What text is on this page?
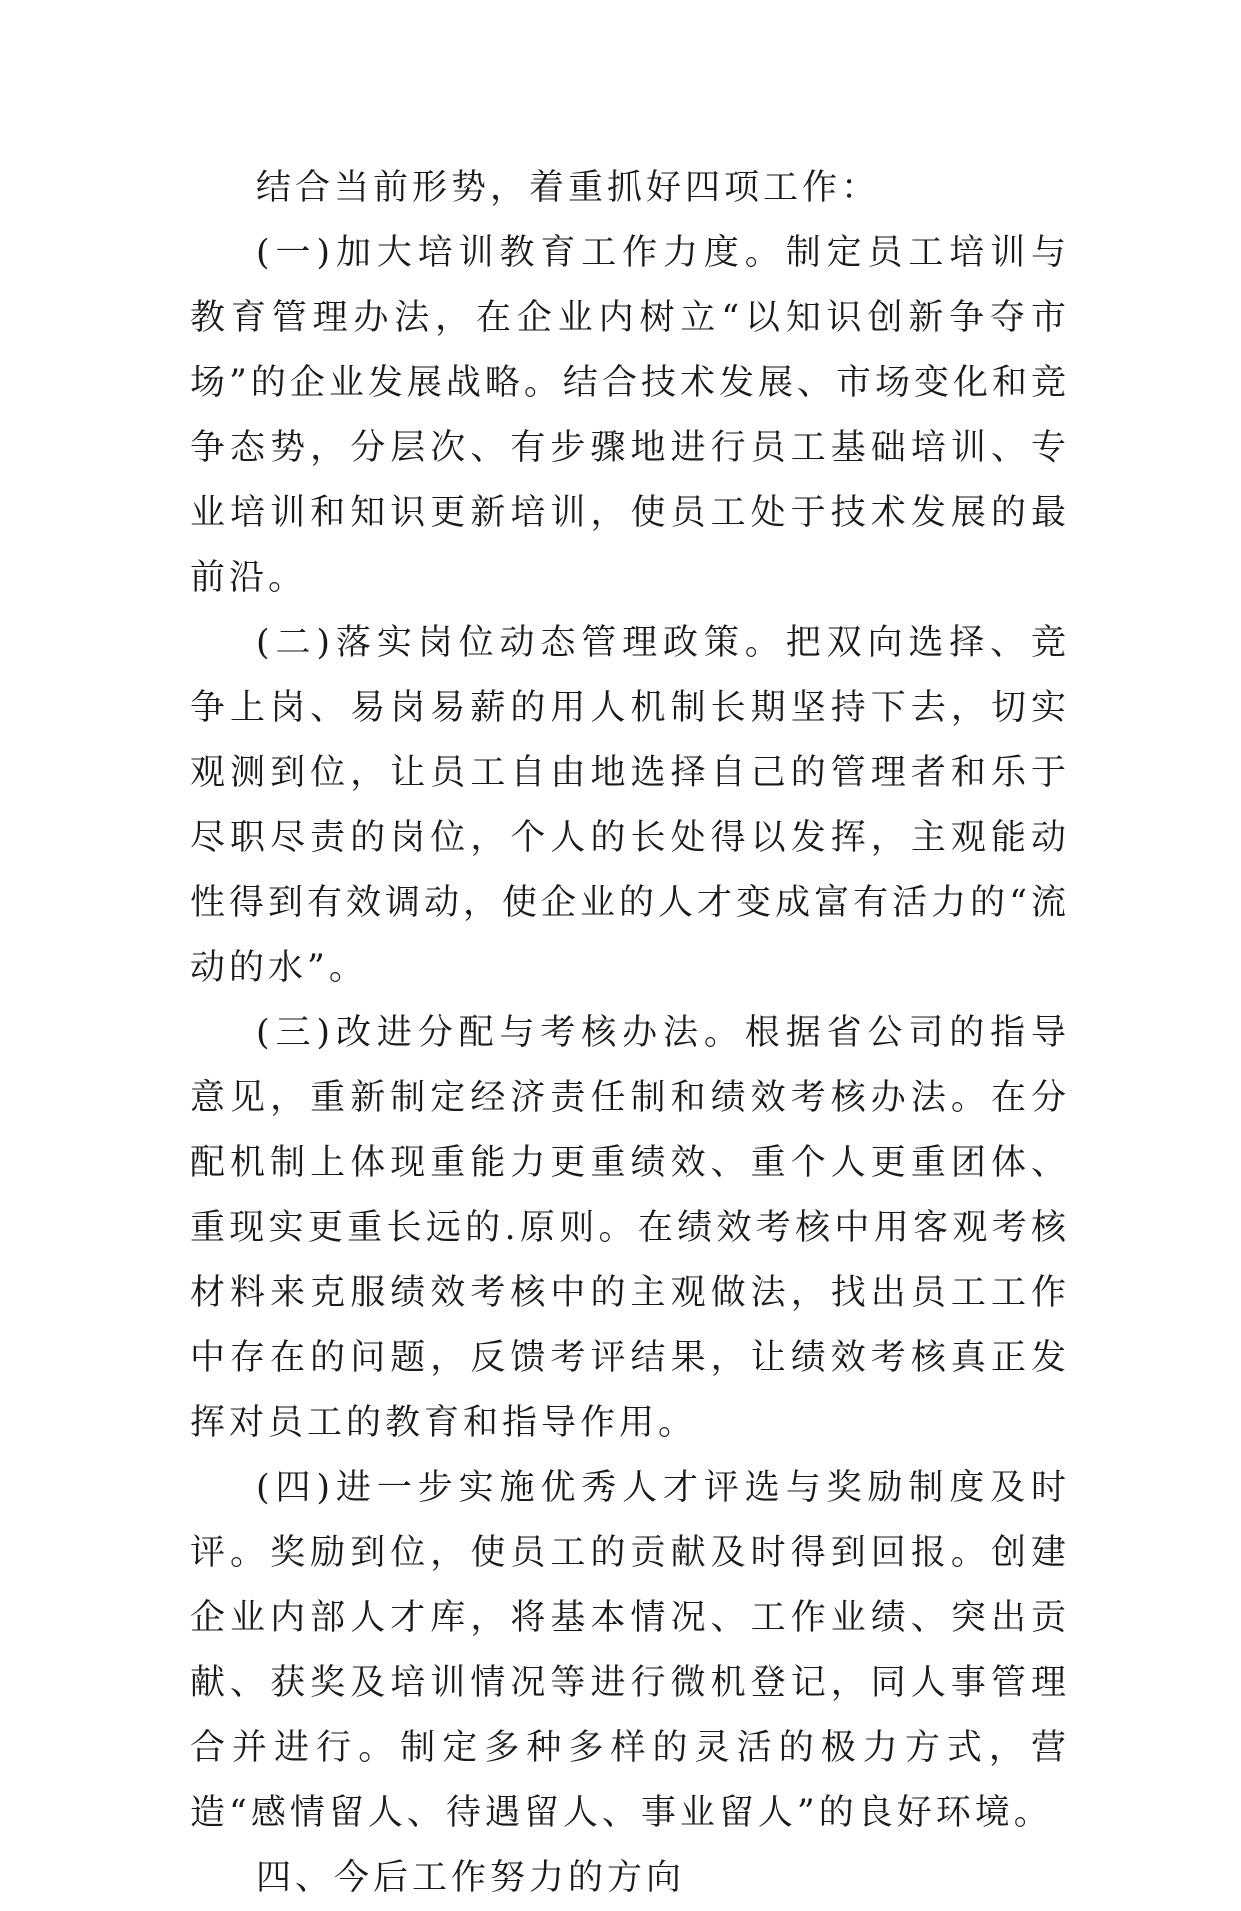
结合当前形势，着重抓好四项工作：

(一)加大培训教育工作力度。制定员工培训与教育管理办法，在企业内树立“以知识创新争夺市场”的企业发展战略。结合技术发展、市场变化和竞争态势，分层次、有步骤地进行员工基础培训、专业培训和知识更新培训，使员工处于技术发展的最前沿。

(二)落实岗位动态管理政策。把双向选择、竞争上岗、易岗易薪的用人机制长期坚持下去，切实观测到位，让员工自由地选择自己的管理者和乐于尽职尽责的岗位，个人的长处得以发挥，主观能动性得到有效调动，使企业的人才变成富有活力的“流动的水”。

(三)改进分配与考核办法。根据省公司的指导意见，重新制定经济责任制和绩效考核办法。在分配机制上体现重能力更重绩效、重个人更重团体、重现实更重长远的.原则。在绩效考核中用客观考核材料来克服绩效考核中的主观做法，找出员工工作中存在的问题，反馈考评结果，让绩效考核真正发挥对员工的教育和指导作用。

(四)进一步实施优秀人才评选与奖励制度及时评。奖励到位，使员工的贡献及时得到回报。创建企业内部人才库，将基本情况、工作业绩、突出贡献、获奖及培训情况等进行微机登记，同人事管理合并进行。制定多种多样的灵活的极力方式，营造“感情留人、待遇留人、事业留人”的良好环境。

四、今后工作努力的方向
